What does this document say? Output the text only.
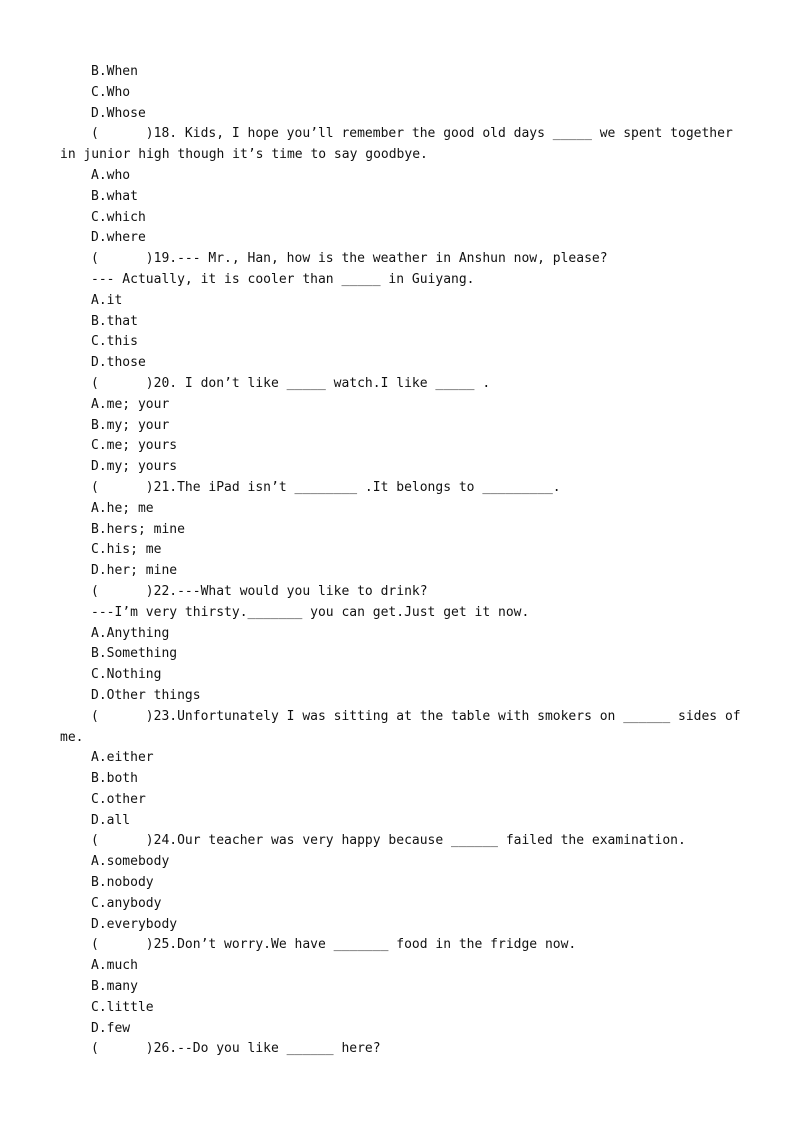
B.When
C.Who
D.Whose
(      )18. Kids, I hope you’ll remember the good old days _____ we spent together
in junior high though it’s time to say goodbye.
A.who
B.what
C.which
D.where
(      )19.--- Mr., Han, how is the weather in Anshun now, please?
--- Actually, it is cooler than _____ in Guiyang.
A.it
B.that
C.this
D.those
(      )20. I don’t like _____ watch.I like _____ .
A.me; your
B.my; your
C.me; yours
D.my; yours
(      )21.The iPad isn’t ________ .It belongs to _________.
A.he; me
B.hers; mine
C.his; me
D.her; mine
(      )22.---What would you like to drink?
---I’m very thirsty._______ you can get.Just get it now.
A.Anything
B.Something
C.Nothing
D.Other things
(      )23.Unfortunately I was sitting at the table with smokers on ______ sides of
me.
A.either
B.both
C.other
D.all
(      )24.Our teacher was very happy because ______ failed the examination.
A.somebody
B.nobody
C.anybody
D.everybody
(      )25.Don’t worry.We have _______ food in the fridge now.
A.much
B.many
C.little
D.few
(      )26.--Do you like ______ here?
